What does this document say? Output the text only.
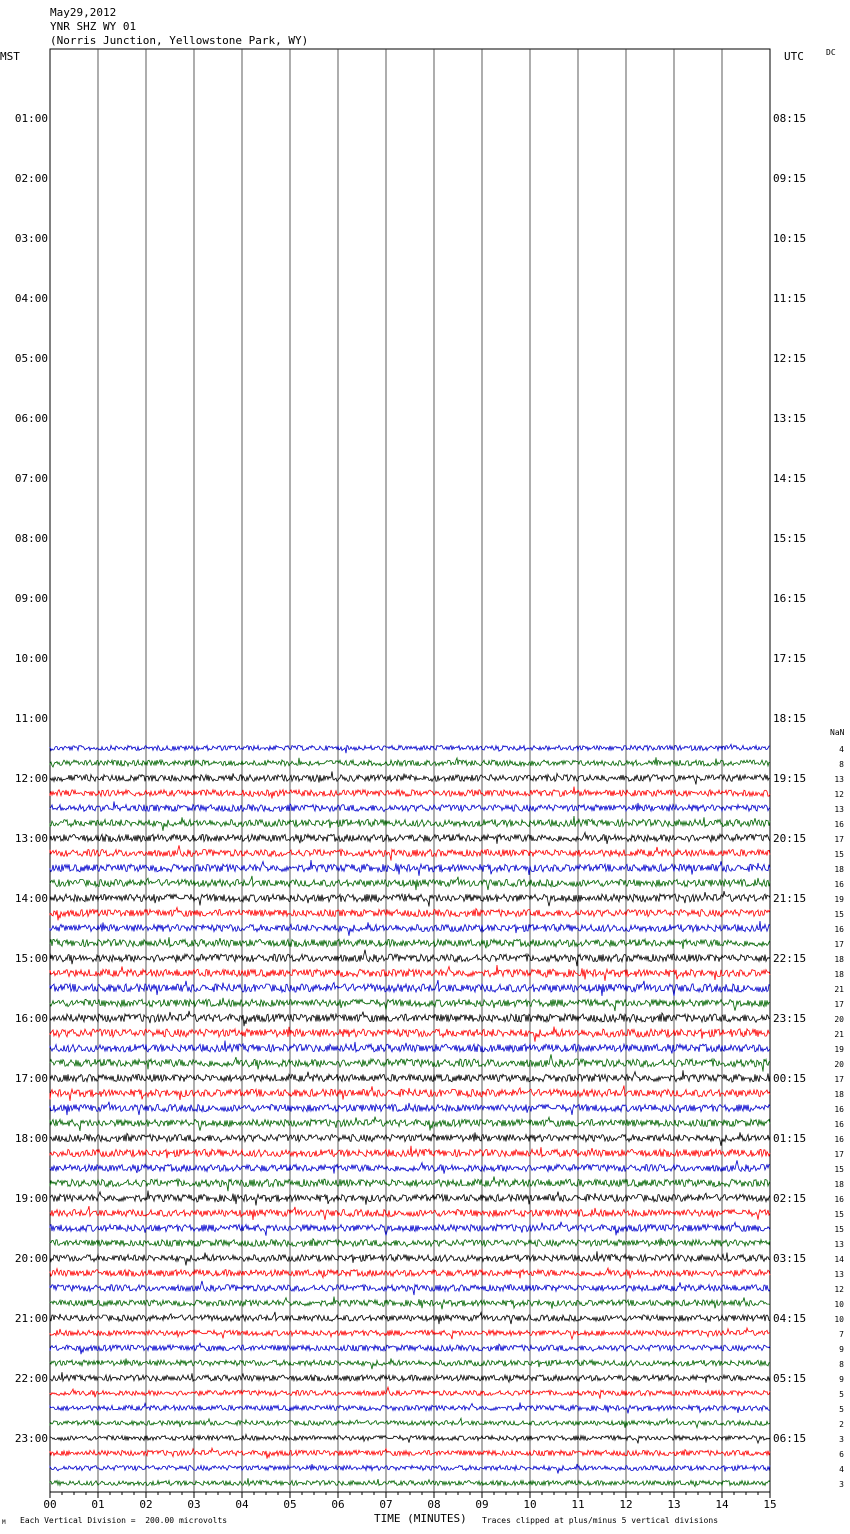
May29,2012
YNR SHZ WY 01
(Norris Junction, Yellowstone Park, WY)
MST	UTC	DC
NaN
00	01	02	03	04	05	06	07	08	09	10	11	12	13	14	15
01:00	08:15
02:00	09:15
03:00	10:15
04:00	11:15
05:00	12:15
06:00	13:15
07:00	14:15
08:00	15:15
09:00	16:15
10:00	17:15
11:00	18:15
12:00	19:15
13:00	20:15
14:00	21:15
15:00	22:15
16:00	23:15
17:00	00:15
18:00	01:15
19:00	02:15
20:00	03:15
21:00	04:15
22:00	05:15
23:00	06:15
4
8
13
12
13
16
17
15
18
16
19
15
16
17
18
18
21
17
20
21
19
20
17
18
16
16
16
17
15
18
16
15
15
13
14
13
12
10
10
7
9
8
9
5
5
2
3
6
4
3
Each Vertical Division =  200.00 microvolts	TIME (MINUTES) Traces clipped at plus/minus 5 vertical divisions
M
